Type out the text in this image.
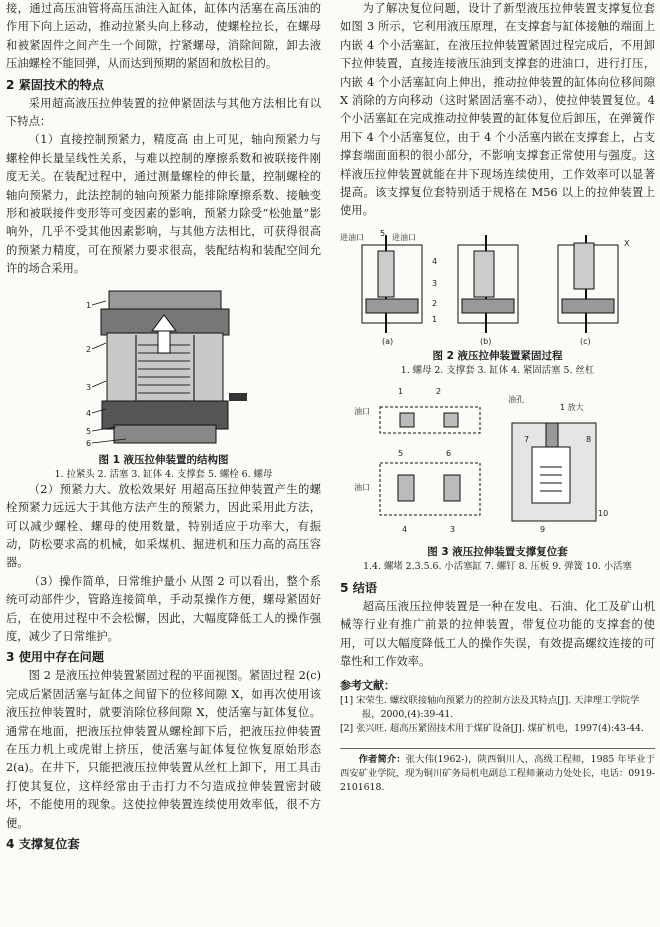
接，通过高压油管将高压油注入缸体，缸体内活塞在高压油的作用下向上运动，推动拉紧头向上移动，使螺栓拉长，在螺母和被紧固件之间产生一个间隙，拧紧螺母，消除间隙，卸去液压油螺栓不能回弹，从而达到预期的紧固和放松目的。

2 紧固技术的特点

采用超高液压拉伸装置的拉伸紧固法与其他方法相比有以下特点：

（1）直接控制预紧力，精度高 由上可见，轴向预紧力与螺栓伸长量呈线性关系，与难以控制的摩擦系数和被联接件刚度无关。在装配过程中，通过测量螺栓的伸长量，控制螺栓的轴向预紧力，此法控制的轴向预紧力能排除摩擦系数、接触变形和被联接件变形等可变因素的影响，预紧力除受“松弛量”影响外，几乎不受其他因素影响，与其他方法相比，可获得很高的预紧力精度，可在预紧力要求很高，装配结构和装配空间允许的场合采用。

1
2
3
4
5
6
图 1 液压拉伸装置的结构图
1. 拉紧头 2. 活塞 3. 缸体 4. 支撑套 5. 螺栓 6. 螺母

（2）预紧力大、放松效果好 用超高压拉伸装置产生的螺栓预紧力远远大于其他方法产生的预紧力，因此采用此方法，可以减少螺栓、螺母的使用数量，特别适应于功率大，有振动，防松要求高的机械，如采煤机、掘进机和压力高的高压容器。

（3）操作简单，日常维护量小 从图 2 可以看出，整个系统可动部件少，管路连接简单，手动泵操作方便，螺母紧固好后，在使用过程中不会松懈，因此，大幅度降低工人的操作强度，减少了日常维护。

3 使用中存在问题

图 2 是液压拉伸装置紧固过程的平面视图。紧固过程 2(c) 完成后紧固活塞与缸体之间留下的位移间隙 X，如再次使用该液压拉伸装置时，就要消除位移间隙 X，使活塞与缸体复位。通常在地面，把液压拉伸装置从螺栓卸下后，把液压拉伸装置在压力机上或虎钳上挤压，使活塞与缸体复位恢复原始形态 2(a)。在井下，只能把液压拉伸装置从丝杠上卸下，用工具击打使其复位，这样经常由于击打力不匀造成拉伸装置密封破坏，不能使用的现象。这使拉伸装置连续使用效率低，很不方便。

4 支撑复位套

为了解决复位问题，设计了新型液压拉伸装置支撑复位套如图 3 所示，它利用液压原理，在支撑套与缸体接触的端面上内嵌 4 个小活塞缸，在液压拉伸装置紧固过程完成后，不用卸下拉伸装置，直接连接液压油到支撑套的进油口，进行打压，内嵌 4 个小活塞缸向上伸出，推动拉伸装置的缸体向位移间隙 X 消除的方向移动（这时紧固活塞不动），使拉伸装置复位。4 个小活塞缸在完成推动拉伸装置的缸体复位后卸压，在弹簧作用下 4 个小活塞复位，由于 4 个小活塞内嵌在支撑套上，占支撑套端面面积的很小部分，不影响支撑套正常使用与强度。这样液压拉伸装置就能在井下现场连续使用，工作效率可以显著提高。该支撑复位套特别适于规格在 M56 以上的拉伸装置上使用。

进油口 5 进油口
4
3
2
1
X
(a)	(b)	(c)
图 2 液压拉伸装置紧固过程
1. 螺母 2. 支撑套 3. 缸体 4. 紧固活塞 5. 丝杠
1	2
油孔
油口	1 放大
5	6
7	8
油口
4	3	9
10
图 3 液压拉伸装置支撑复位套
1.4. 螺堵 2.3.5.6. 小活塞缸 7. 螺钉 8. 压板 9. 弹簧 10. 小活塞
5 结语

超高压液压拉伸装置是一种在发电、石油、化工及矿山机械等行业有推广前景的拉伸装置，带复位功能的支撑套的使用，可以大幅度降低工人的操作失误，有效提高螺纹连接的可靠性和工作效率。

参考文献：
[1] 宋荣生. 螺纹联接轴向预紧力的控制方法及其特点[J]. 天津理工学院学报，2000,(4):39-41.
[2] 张兴旺. 超高压紧固技术用于煤矿设备[J]. 煤矿机电，1997(4):43-44.
作者简介：张大伟(1962-)，陕西铜川人，高级工程师，1985 年毕业于西安矿业学院，现为铜川矿务局机电副总工程师兼动力处处长，电话：0919-2101618.
